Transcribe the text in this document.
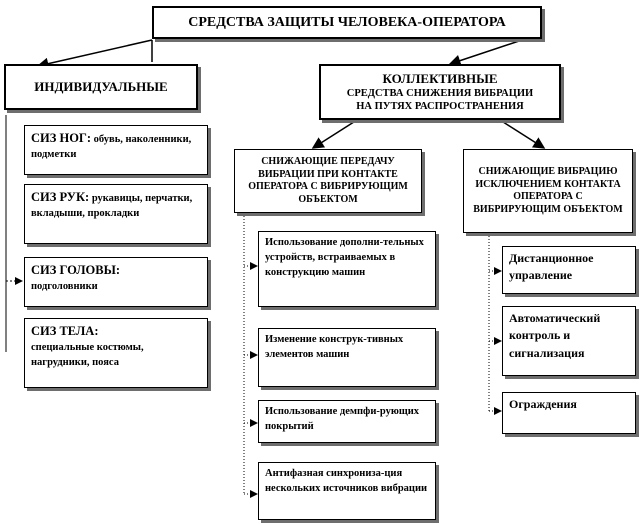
СРЕДСТВА ЗАЩИТЫ ЧЕЛОВЕКА-ОПЕРАТОРА
ИНДИВИДУАЛЬНЫЕ
СИЗ НОГ: обувь, наколенники, подметки
СИЗ РУК: рукавицы, перчатки, вкладыши, прокладки
СИЗ ГОЛОВЫ:
подголовники
СИЗ ТЕЛА:
специальные костюмы, нагрудники, пояса
КОЛЛЕКТИВНЫЕ
СРЕДСТВА СНИЖЕНИЯ ВИБРАЦИИ
НА ПУТЯХ РАСПРОСТРАНЕНИЯ
СНИЖАЮЩИЕ ПЕРЕДАЧУ ВИБРАЦИИ ПРИ КОНТАКТЕ ОПЕРАТОРА С ВИБРИРУЮЩИМ ОБЪЕКТОМ
Использование дополни-тельных устройств, встраиваемых в конструкцию машин
Изменение конструк-тивных элементов машин
Использование демпфи-рующих покрытий
Антифазная синхрониза-ция нескольких источников вибрации
СНИЖАЮЩИЕ ВИБРАЦИЮ ИСКЛЮЧЕНИЕМ КОНТАКТА ОПЕРАТОРА С ВИБРИРУЮЩИМ ОБЪЕКТОМ
Дистанционное управление
Автоматический контроль и сигнализация
Ограждения
